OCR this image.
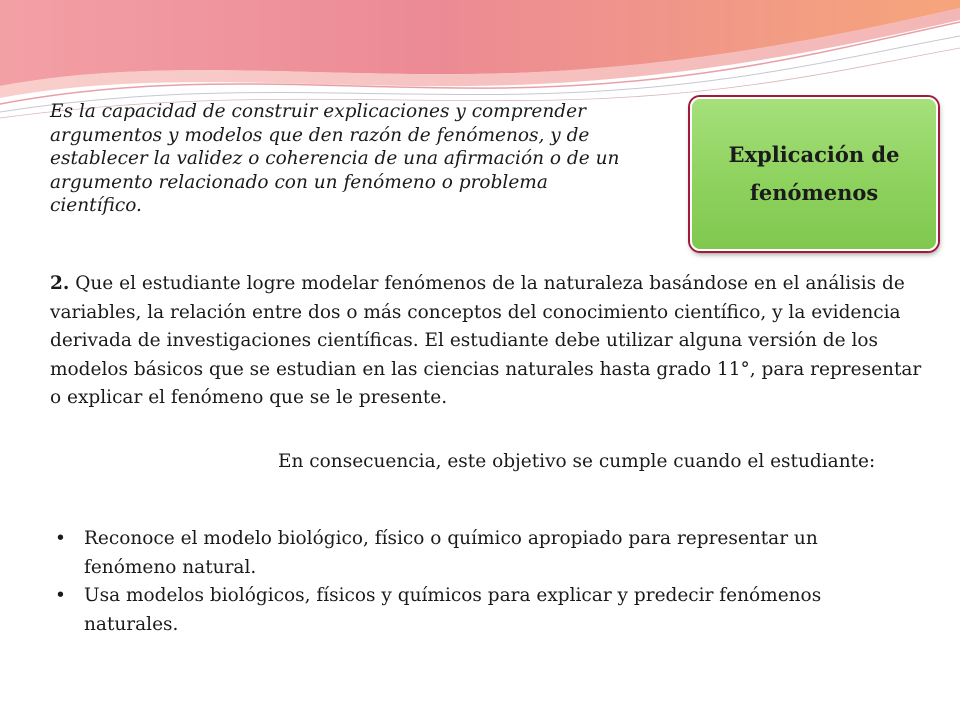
Es la capacidad de construir explicaciones y comprender argumentos y modelos que den razón de fenómenos, y de establecer la validez o coherencia de una afirmación o de un argumento relacionado con un fenómeno o problema científico.

Explicación de
fenómenos

2. Que el estudiante logre modelar fenómenos de la naturaleza basándose en el análisis de variables, la relación entre dos o más conceptos del conocimiento científico, y la evidencia derivada de investigaciones científicas. El estudiante debe utilizar alguna versión de los modelos básicos que se estudian en las ciencias naturales hasta grado 11°, para representar o explicar el fenómeno que se le presente.

En consecuencia, este objetivo se cumple cuando el estudiante:

• Reconoce el modelo biológico, físico o químico apropiado para representar un fenómeno natural.
• Usa modelos biológicos, físicos y químicos para explicar y predecir fenómenos naturales.
